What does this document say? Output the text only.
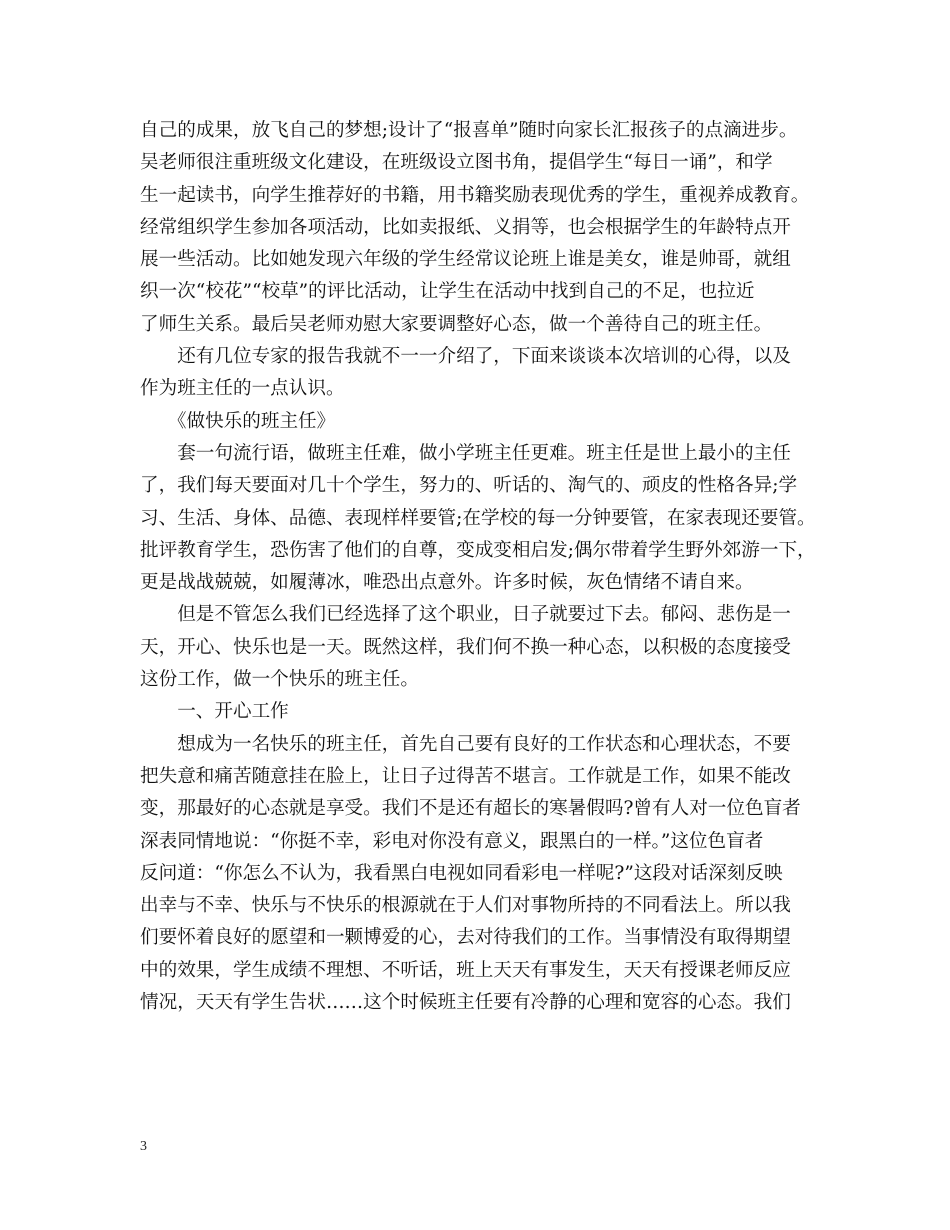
自己的成果，放飞自己的梦想;设计了“报喜单”随时向家长汇报孩子的点滴进步。
吴老师很注重班级文化建设，在班级设立图书角，提倡学生“每日一诵”，和学
生一起读书，向学生推荐好的书籍，用书籍奖励表现优秀的学生，重视养成教育。
经常组织学生参加各项活动，比如卖报纸、义捐等，也会根据学生的年龄特点开
展一些活动。比如她发现六年级的学生经常议论班上谁是美女，谁是帅哥，就组
织一次“校花”“校草”的评比活动，让学生在活动中找到自己的不足，也拉近
了师生关系。最后吴老师劝慰大家要调整好心态，做一个善待自己的班主任。
　　还有几位专家的报告我就不一一介绍了，下面来谈谈本次培训的心得，以及
作为班主任的一点认识。
　　《做快乐的班主任》
　　套一句流行语，做班主任难，做小学班主任更难。班主任是世上最小的主任
了，我们每天要面对几十个学生，努力的、听话的、淘气的、顽皮的性格各异;学
习、生活、身体、品德、表现样样要管;在学校的每一分钟要管，在家表现还要管。
批评教育学生，恐伤害了他们的自尊，变成变相启发;偶尔带着学生野外郊游一下，
更是战战兢兢，如履薄冰，唯恐出点意外。许多时候，灰色情绪不请自来。
　　但是不管怎么我们已经选择了这个职业，日子就要过下去。郁闷、悲伤是一
天，开心、快乐也是一天。既然这样，我们何不换一种心态，以积极的态度接受
这份工作，做一个快乐的班主任。
　　一、开心工作
　　想成为一名快乐的班主任，首先自己要有良好的工作状态和心理状态，不要
把失意和痛苦随意挂在脸上，让日子过得苦不堪言。工作就是工作，如果不能改
变，那最好的心态就是享受。我们不是还有超长的寒暑假吗?曾有人对一位色盲者
深表同情地说：“你挺不幸，彩电对你没有意义，跟黑白的一样。”这位色盲者
反问道：“你怎么不认为，我看黑白电视如同看彩电一样呢?”这段对话深刻反映
出幸与不幸、快乐与不快乐的根源就在于人们对事物所持的不同看法上。所以我
们要怀着良好的愿望和一颗博爱的心，去对待我们的工作。当事情没有取得期望
中的效果，学生成绩不理想、不听话，班上天天有事发生，天天有授课老师反应
情况，天天有学生告状……这个时候班主任要有冷静的心理和宽容的心态。我们
3
